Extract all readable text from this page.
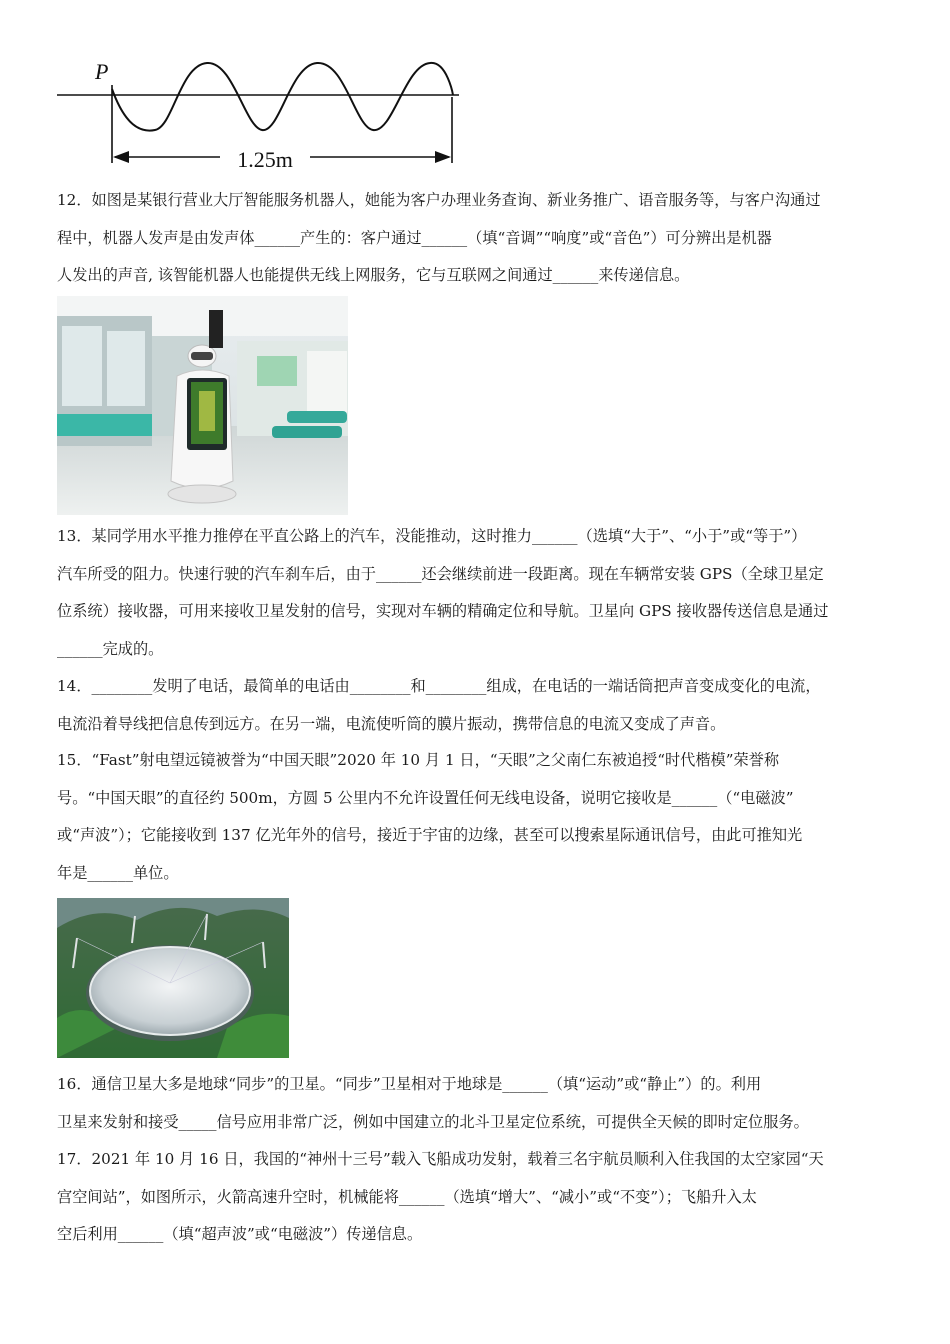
1.25m
P
12．如图是某银行营业大厅智能服务机器人，她能为客户办理业务查询、新业务推广、语音服务等，与客户沟通过
程中，机器人发声是由发声体______产生的：客户通过______（填“音调”“响度”或“音色”）可分辨出是机器
人发出的声音, 该智能机器人也能提供无线上网服务，它与互联网之间通过______来传递信息。
13．某同学用水平推力推停在平直公路上的汽车，没能推动，这时推力______（选填“大于”、“小于”或“等于”）
汽车所受的阻力。快速行驶的汽车刹车后，由于______还会继续前进一段距离。现在车辆常安装 GPS（全球卫星定
位系统）接收器，可用来接收卫星发射的信号，实现对车辆的精确定位和导航。卫星向 GPS 接收器传送信息是通过
______完成的。
14．________发明了电话，最简单的电话由________和________组成，在电话的一端话筒把声音变成变化的电流，
电流沿着导线把信息传到远方。在另一端，电流使听筒的膜片振动，携带信息的电流又变成了声音。
15．“Fast”射电望远镜被誉为“中国天眼”2020 年 10 月 1 日，“天眼”之父南仁东被追授“时代楷模”荣誉称
号。“中国天眼”的直径约 500m，方圆 5 公里内不允许设置任何无线电设备，说明它接收是______（“电磁波”
或“声波”）；它能接收到 137 亿光年外的信号，接近于宇宙的边缘，甚至可以搜索星际通讯信号，由此可推知光
年是______单位。
16．通信卫星大多是地球“同步”的卫星。“同步”卫星相对于地球是______（填“运动”或“静止”）的。利用
卫星来发射和接受_____信号应用非常广泛，例如中国建立的北斗卫星定位系统，可提供全天候的即时定位服务。
17．2021 年 10 月 16 日，我国的“神州十三号”载入飞船成功发射，载着三名宇航员顺利入住我国的太空家园“天
宫空间站”，如图所示，火箭高速升空时，机械能将______（选填“增大”、“减小”或“不变”）；飞船升入太
空后利用______（填“超声波”或“电磁波”）传递信息。
